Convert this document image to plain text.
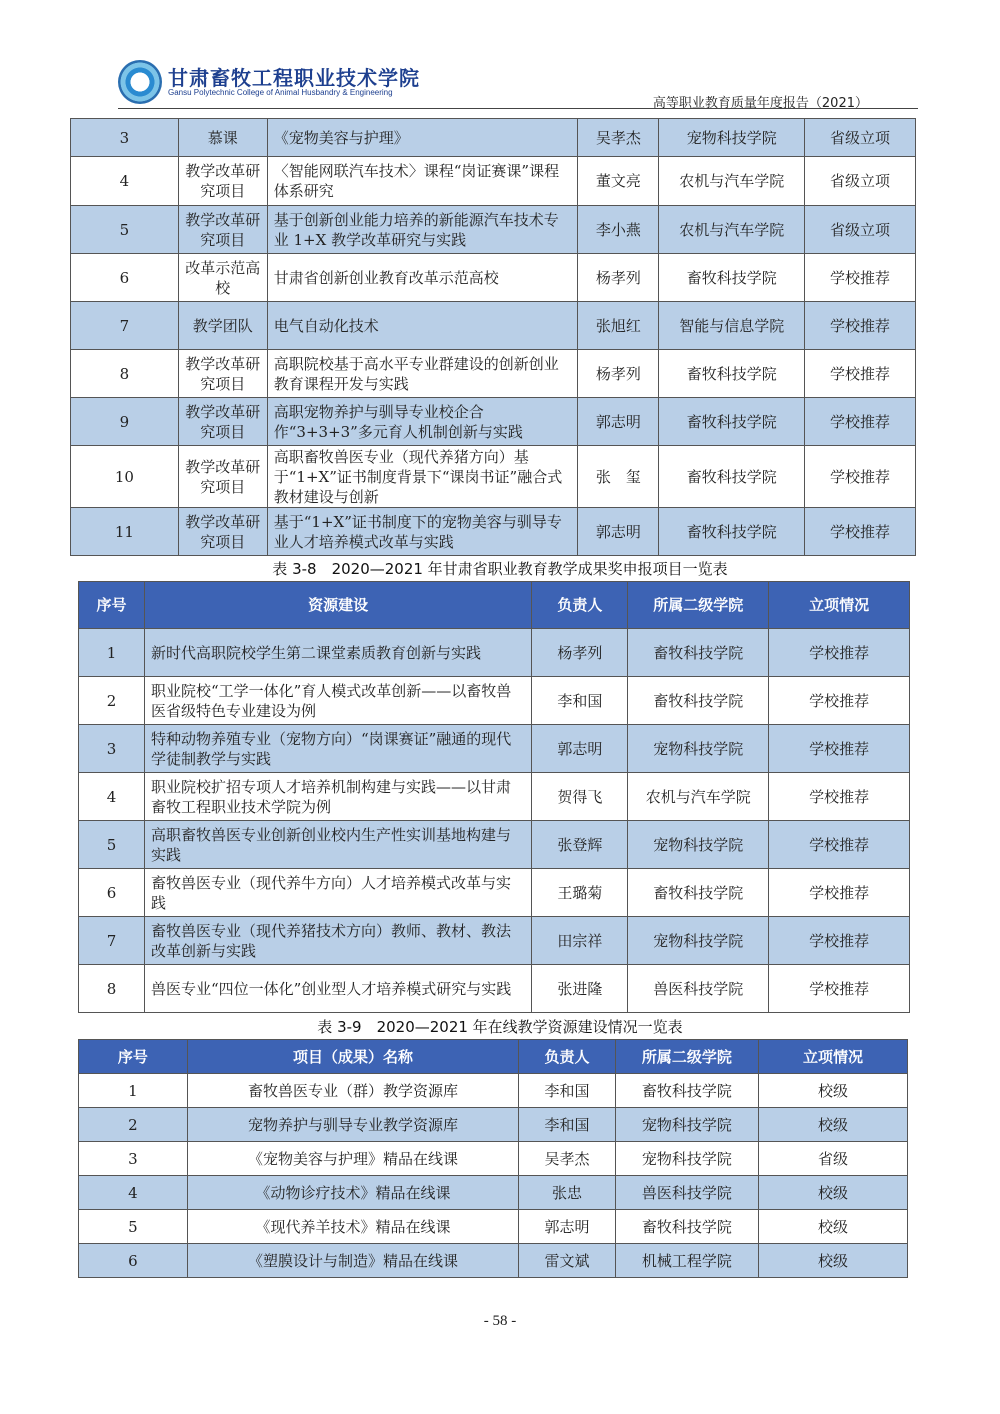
甘肃畜牧工程职业技术学院
Gansu Polytechnic College of Animal Husbandry & Engineering
高等职业教育质量年度报告（2021）
3	慕课	《宠物美容与护理》	吴孝杰	宠物科技学院	省级立项
4	教学改革研究项目	〈智能网联汽车技术〉课程“岗证赛课”课程体系研究	董文亮	农机与汽车学院	省级立项
5	教学改革研究项目	基于创新创业能力培养的新能源汽车技术专业 1+X 教学改革研究与实践	李小燕	农机与汽车学院	省级立项
6	改革示范高校	甘肃省创新创业教育改革示范高校	杨孝列	畜牧科技学院	学校推荐
7	教学团队	电气自动化技术	张旭红	智能与信息学院	学校推荐
8	教学改革研究项目	高职院校基于高水平专业群建设的创新创业教育课程开发与实践	杨孝列	畜牧科技学院	学校推荐
9	教学改革研究项目	高职宠物养护与驯导专业校企合作“3+3+3”多元育人机制创新与实践	郭志明	畜牧科技学院	学校推荐
10	教学改革研究项目	高职畜牧兽医专业（现代养猪方向）基于“1+X”证书制度背景下“课岗书证”融合式教材建设与创新	张　玺	畜牧科技学院	学校推荐
11	教学改革研究项目	基于“1+X”证书制度下的宠物美容与驯导专业人才培养模式改革与实践	郭志明	畜牧科技学院	学校推荐
表 3-8　2020—2021 年甘肃省职业教育教学成果奖申报项目一览表
序号	资源建设	负责人	所属二级学院	立项情况
1	新时代高职院校学生第二课堂素质教育创新与实践	杨孝列	畜牧科技学院	学校推荐
2	职业院校“工学一体化”育人模式改革创新——以畜牧兽医省级特色专业建设为例	李和国	畜牧科技学院	学校推荐
3	特种动物养殖专业（宠物方向）“岗课赛证”融通的现代学徒制教学与实践	郭志明	宠物科技学院	学校推荐
4	职业院校扩招专项人才培养机制构建与实践——以甘肃畜牧工程职业技术学院为例	贺得飞	农机与汽车学院	学校推荐
5	高职畜牧兽医专业创新创业校内生产性实训基地构建与实践	张登辉	宠物科技学院	学校推荐
6	畜牧兽医专业（现代养牛方向）人才培养模式改革与实践	王璐菊	畜牧科技学院	学校推荐
7	畜牧兽医专业（现代养猪技术方向）教师、教材、教法改革创新与实践	田宗祥	宠物科技学院	学校推荐
8	兽医专业“四位一体化”创业型人才培养模式研究与实践	张进隆	兽医科技学院	学校推荐
表 3-9　2020—2021 年在线教学资源建设情况一览表
序号	项目（成果）名称	负责人	所属二级学院	立项情况
1	畜牧兽医专业（群）教学资源库	李和国	畜牧科技学院	校级
2	宠物养护与驯导专业教学资源库	李和国	宠物科技学院	校级
3	《宠物美容与护理》精品在线课	吴孝杰	宠物科技学院	省级
4	《动物诊疗技术》精品在线课	张忠	兽医科技学院	校级
5	《现代养羊技术》精品在线课	郭志明	畜牧科技学院	校级
6	《塑膜设计与制造》精品在线课	雷文斌	机械工程学院	校级
- 58 -
